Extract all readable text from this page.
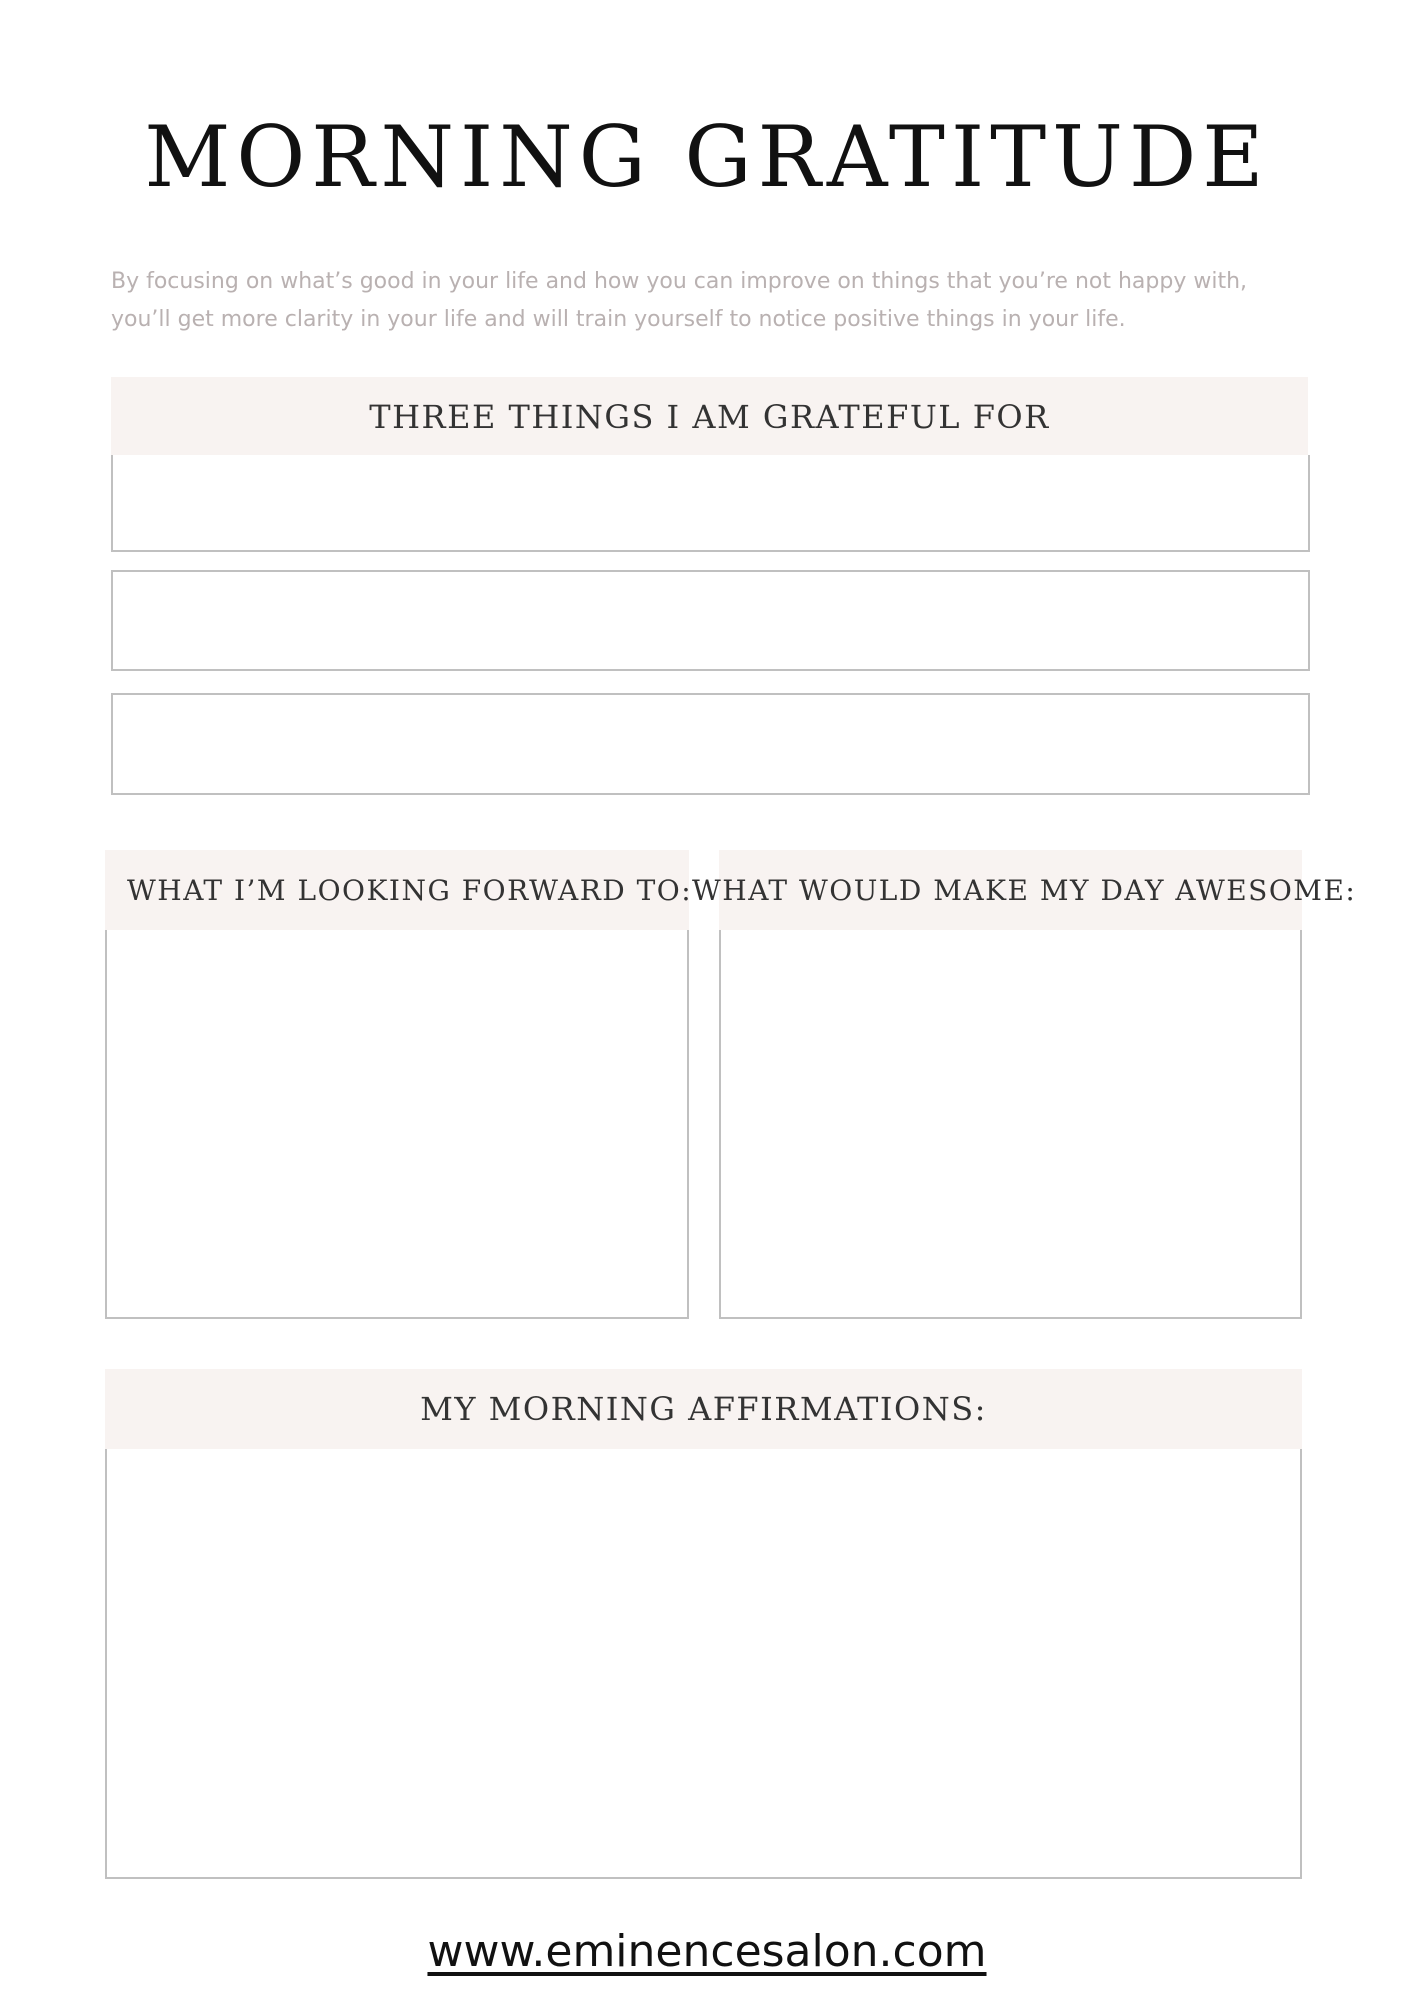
MORNING GRATITUDE

By focusing on what’s good in your life and how you can improve on things that you’re not happy with, you’ll get more clarity in your life and will train yourself to notice positive things in your life.

THREE THINGS I AM GRATEFUL FOR
WHAT I’M LOOKING FORWARD TO: WHAT WOULD MAKE MY DAY AWESOME:
MY MORNING AFFIRMATIONS:
www.eminencesalon.com
